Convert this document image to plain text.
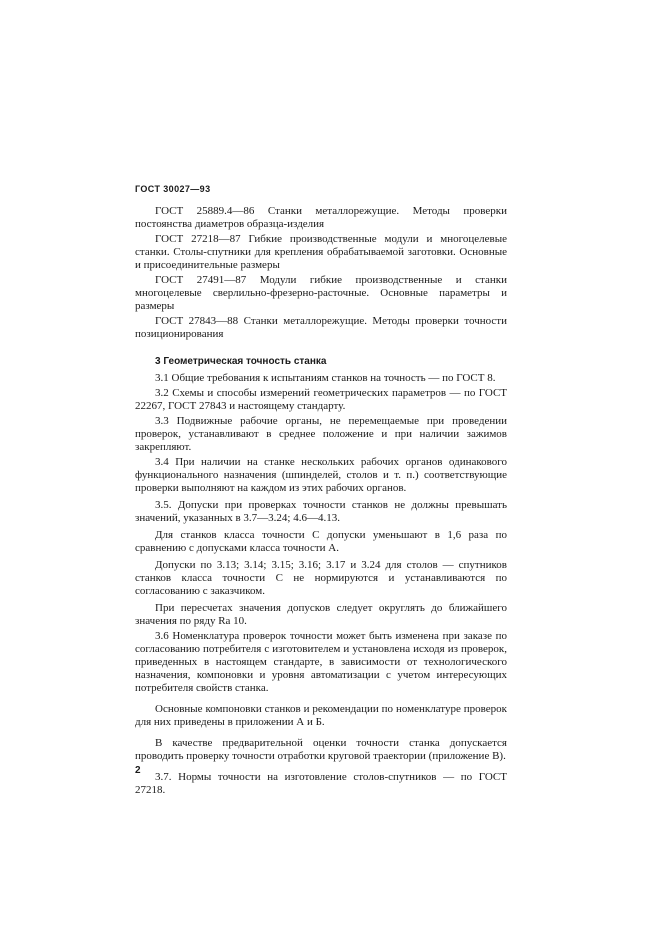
ГОСТ 30027—93

ГОСТ 25889.4—86 Станки металлорежущие. Методы проверки постоянства диаметров образца-изделия

ГОСТ 27218—87 Гибкие производственные модули и многоцелевые станки. Столы-спутники для крепления обрабатываемой заготовки. Основные и присоединительные размеры

ГОСТ 27491—87 Модули гибкие производственные и станки многоцелевые сверлильно-фрезерно-расточные. Основные параметры и размеры

ГОСТ 27843—88 Станки металлорежущие. Методы проверки точности позиционирования

3 Геометрическая точность станка

3.1 Общие требования к испытаниям станков на точность — по ГОСТ 8.

3.2 Схемы и способы измерений геометрических параметров — по ГОСТ 22267, ГОСТ 27843 и настоящему стандарту.

3.3 Подвижные рабочие органы, не перемещаемые при проведении проверок, устанавливают в среднее положение и при наличии зажимов закрепляют.

3.4 При наличии на станке нескольких рабочих органов одинакового функционального назначения (шпинделей, столов и т. п.) соответствующие проверки выполняют на каждом из этих рабочих органов.

3.5. Допуски при проверках точности станков не должны превышать значений, указанных в 3.7—3.24; 4.6—4.13.

Для станков класса точности С допуски уменьшают в 1,6 раза по сравнению с допусками класса точности А.

Допуски по 3.13; 3.14; 3.15; 3.16; 3.17 и 3.24 для столов — спутников станков класса точности С не нормируются и устанавливаются по согласованию с заказчиком.

При пересчетах значения допусков следует округлять до ближайшего значения по ряду Ra 10.

3.6 Номенклатура проверок точности может быть изменена при заказе по согласованию потребителя с изготовителем и установлена исходя из проверок, приведенных в настоящем стандарте, в зависимости от технологического назначения, компоновки и уровня автоматизации с учетом интересующих потребителя свойств станка.

Основные компоновки станков и рекомендации по номенклатуре проверок для них приведены в приложении А и Б.

В качестве предварительной оценки точности станка допускается проводить проверку точности отработки круговой траектории (приложение В).

3.7. Нормы точности на изготовление столов-спутников — по ГОСТ 27218.

2
